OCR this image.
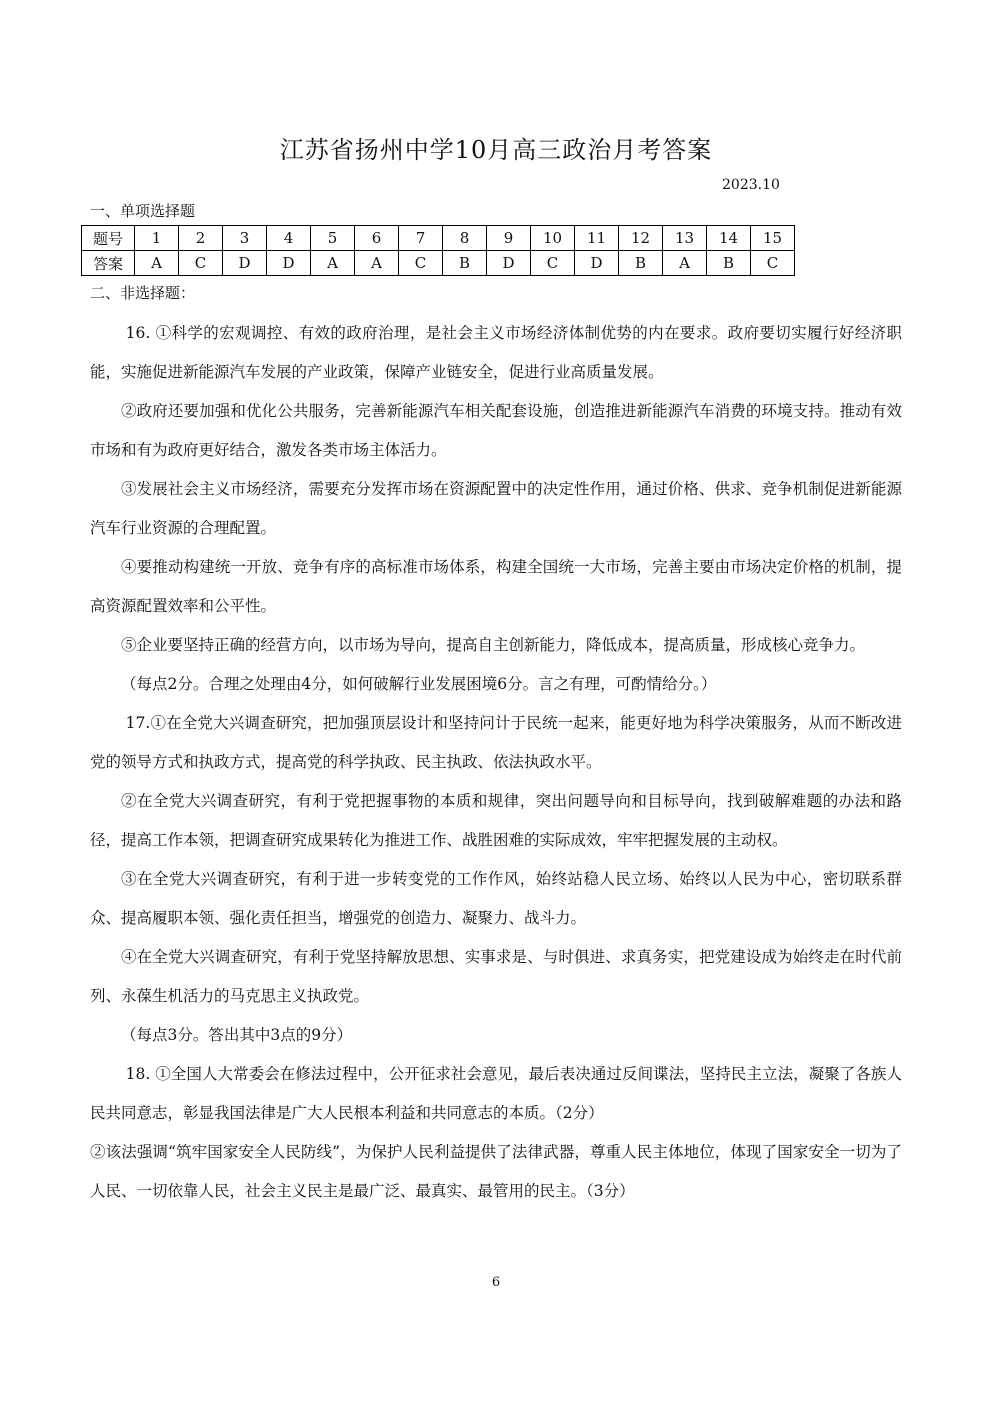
江苏省扬州中学10月高三政治月考答案
2023.10
一、单项选择题
题号	1	2	3	4	5	6	7	8	9	10	11	12	13	14	15
答案	A	C	D	D	A	A	C	B	D	C	D	B	A	B	C
二、非选择题：

16. ①科学的宏观调控、有效的政府治理，是社会主义市场经济体制优势的内在要求。政府要切实履行好经济职能，实施促进新能源汽车发展的产业政策，保障产业链安全，促进行业高质量发展。

②政府还要加强和优化公共服务，完善新能源汽车相关配套设施，创造推进新能源汽车消费的环境支持。推动有效市场和有为政府更好结合，激发各类市场主体活力。

③发展社会主义市场经济，需要充分发挥市场在资源配置中的决定性作用，通过价格、供求、竞争机制促进新能源汽车行业资源的合理配置。

④要推动构建统一开放、竞争有序的高标准市场体系，构建全国统一大市场，完善主要由市场决定价格的机制，提高资源配置效率和公平性。

⑤企业要坚持正确的经营方向，以市场为导向，提高自主创新能力，降低成本，提高质量，形成核心竞争力。

（每点2分。合理之处理由4分，如何破解行业发展困境6分。言之有理，可酌情给分。）

17.①在全党大兴调查研究，把加强顶层设计和坚持问计于民统一起来，能更好地为科学决策服务，从而不断改进党的领导方式和执政方式，提高党的科学执政、民主执政、依法执政水平。

②在全党大兴调查研究，有利于党把握事物的本质和规律，突出问题导向和目标导向，找到破解难题的办法和路径，提高工作本领，把调查研究成果转化为推进工作、战胜困难的实际成效，牢牢把握发展的主动权。

③在全党大兴调查研究，有利于进一步转变党的工作作风，始终站稳人民立场、始终以人民为中心，密切联系群众、提高履职本领、强化责任担当，增强党的创造力、凝聚力、战斗力。

④在全党大兴调查研究，有利于党坚持解放思想、实事求是、与时俱进、求真务实，把党建设成为始终走在时代前列、永葆生机活力的马克思主义执政党。

（每点3分。答出其中3点的9分）

18. ①全国人大常委会在修法过程中，公开征求社会意见，最后表决通过反间谍法，坚持民主立法，凝聚了各族人民共同意志，彰显我国法律是广大人民根本利益和共同意志的本质。（2分）

②该法强调“筑牢国家安全人民防线”，为保护人民利益提供了法律武器，尊重人民主体地位，体现了国家安全一切为了人民、一切依靠人民，社会主义民主是最广泛、最真实、最管用的民主。（3分）

6
